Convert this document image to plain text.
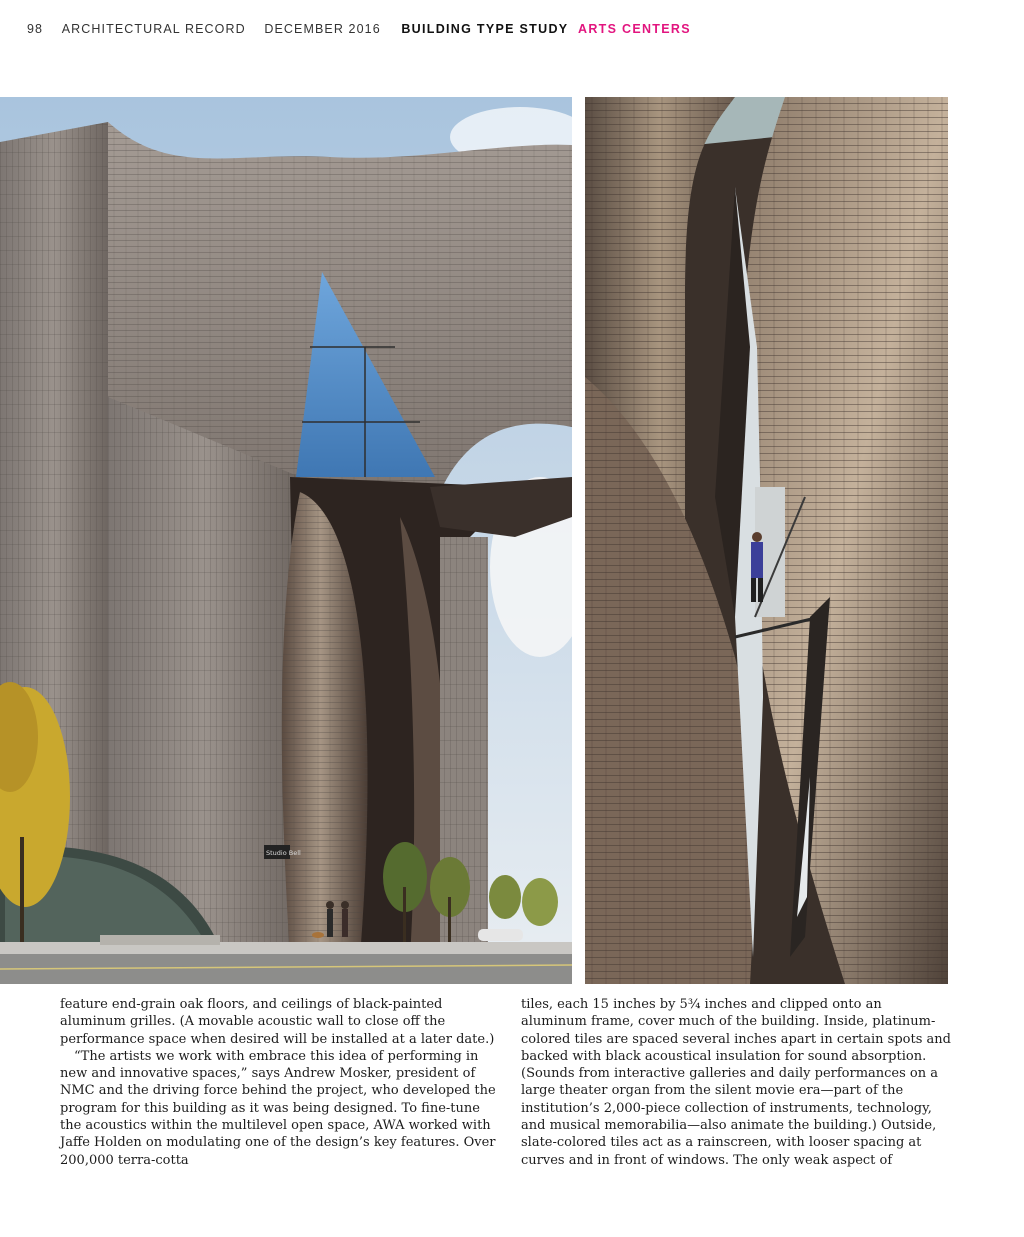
98 ARCHITECTURAL RECORD DECEMBER 2016 BUILDING TYPE STUDY ARTS CENTERS
Studio Bell

feature end-grain oak floors, and ceilings of black-painted aluminum grilles. (A movable acoustic wall to close off the performance space when desired will be installed at a later date.)

“The artists we work with embrace this idea of performing in new and innovative spaces,” says Andrew Mosker, president of NMC and the driving force behind the project, who developed the program for this building as it was being designed. To fine-tune the acoustics within the multilevel open space, AWA worked with Jaffe Holden on modulating one of the design’s key features. Over 200,000 terra-cotta

tiles, each 15 inches by 5¾ inches and clipped onto an aluminum frame, cover much of the building. Inside, platinum-colored tiles are spaced several inches apart in certain spots and backed with black acoustical insulation for sound absorption. (Sounds from interactive galleries and daily performances on a large theater organ from the silent movie era—part of the institution’s 2,000-piece collection of instruments, technology, and musical memorabilia—also animate the building.) Outside, slate-colored tiles act as a rainscreen, with looser spacing at curves and in front of windows. The only weak aspect of
